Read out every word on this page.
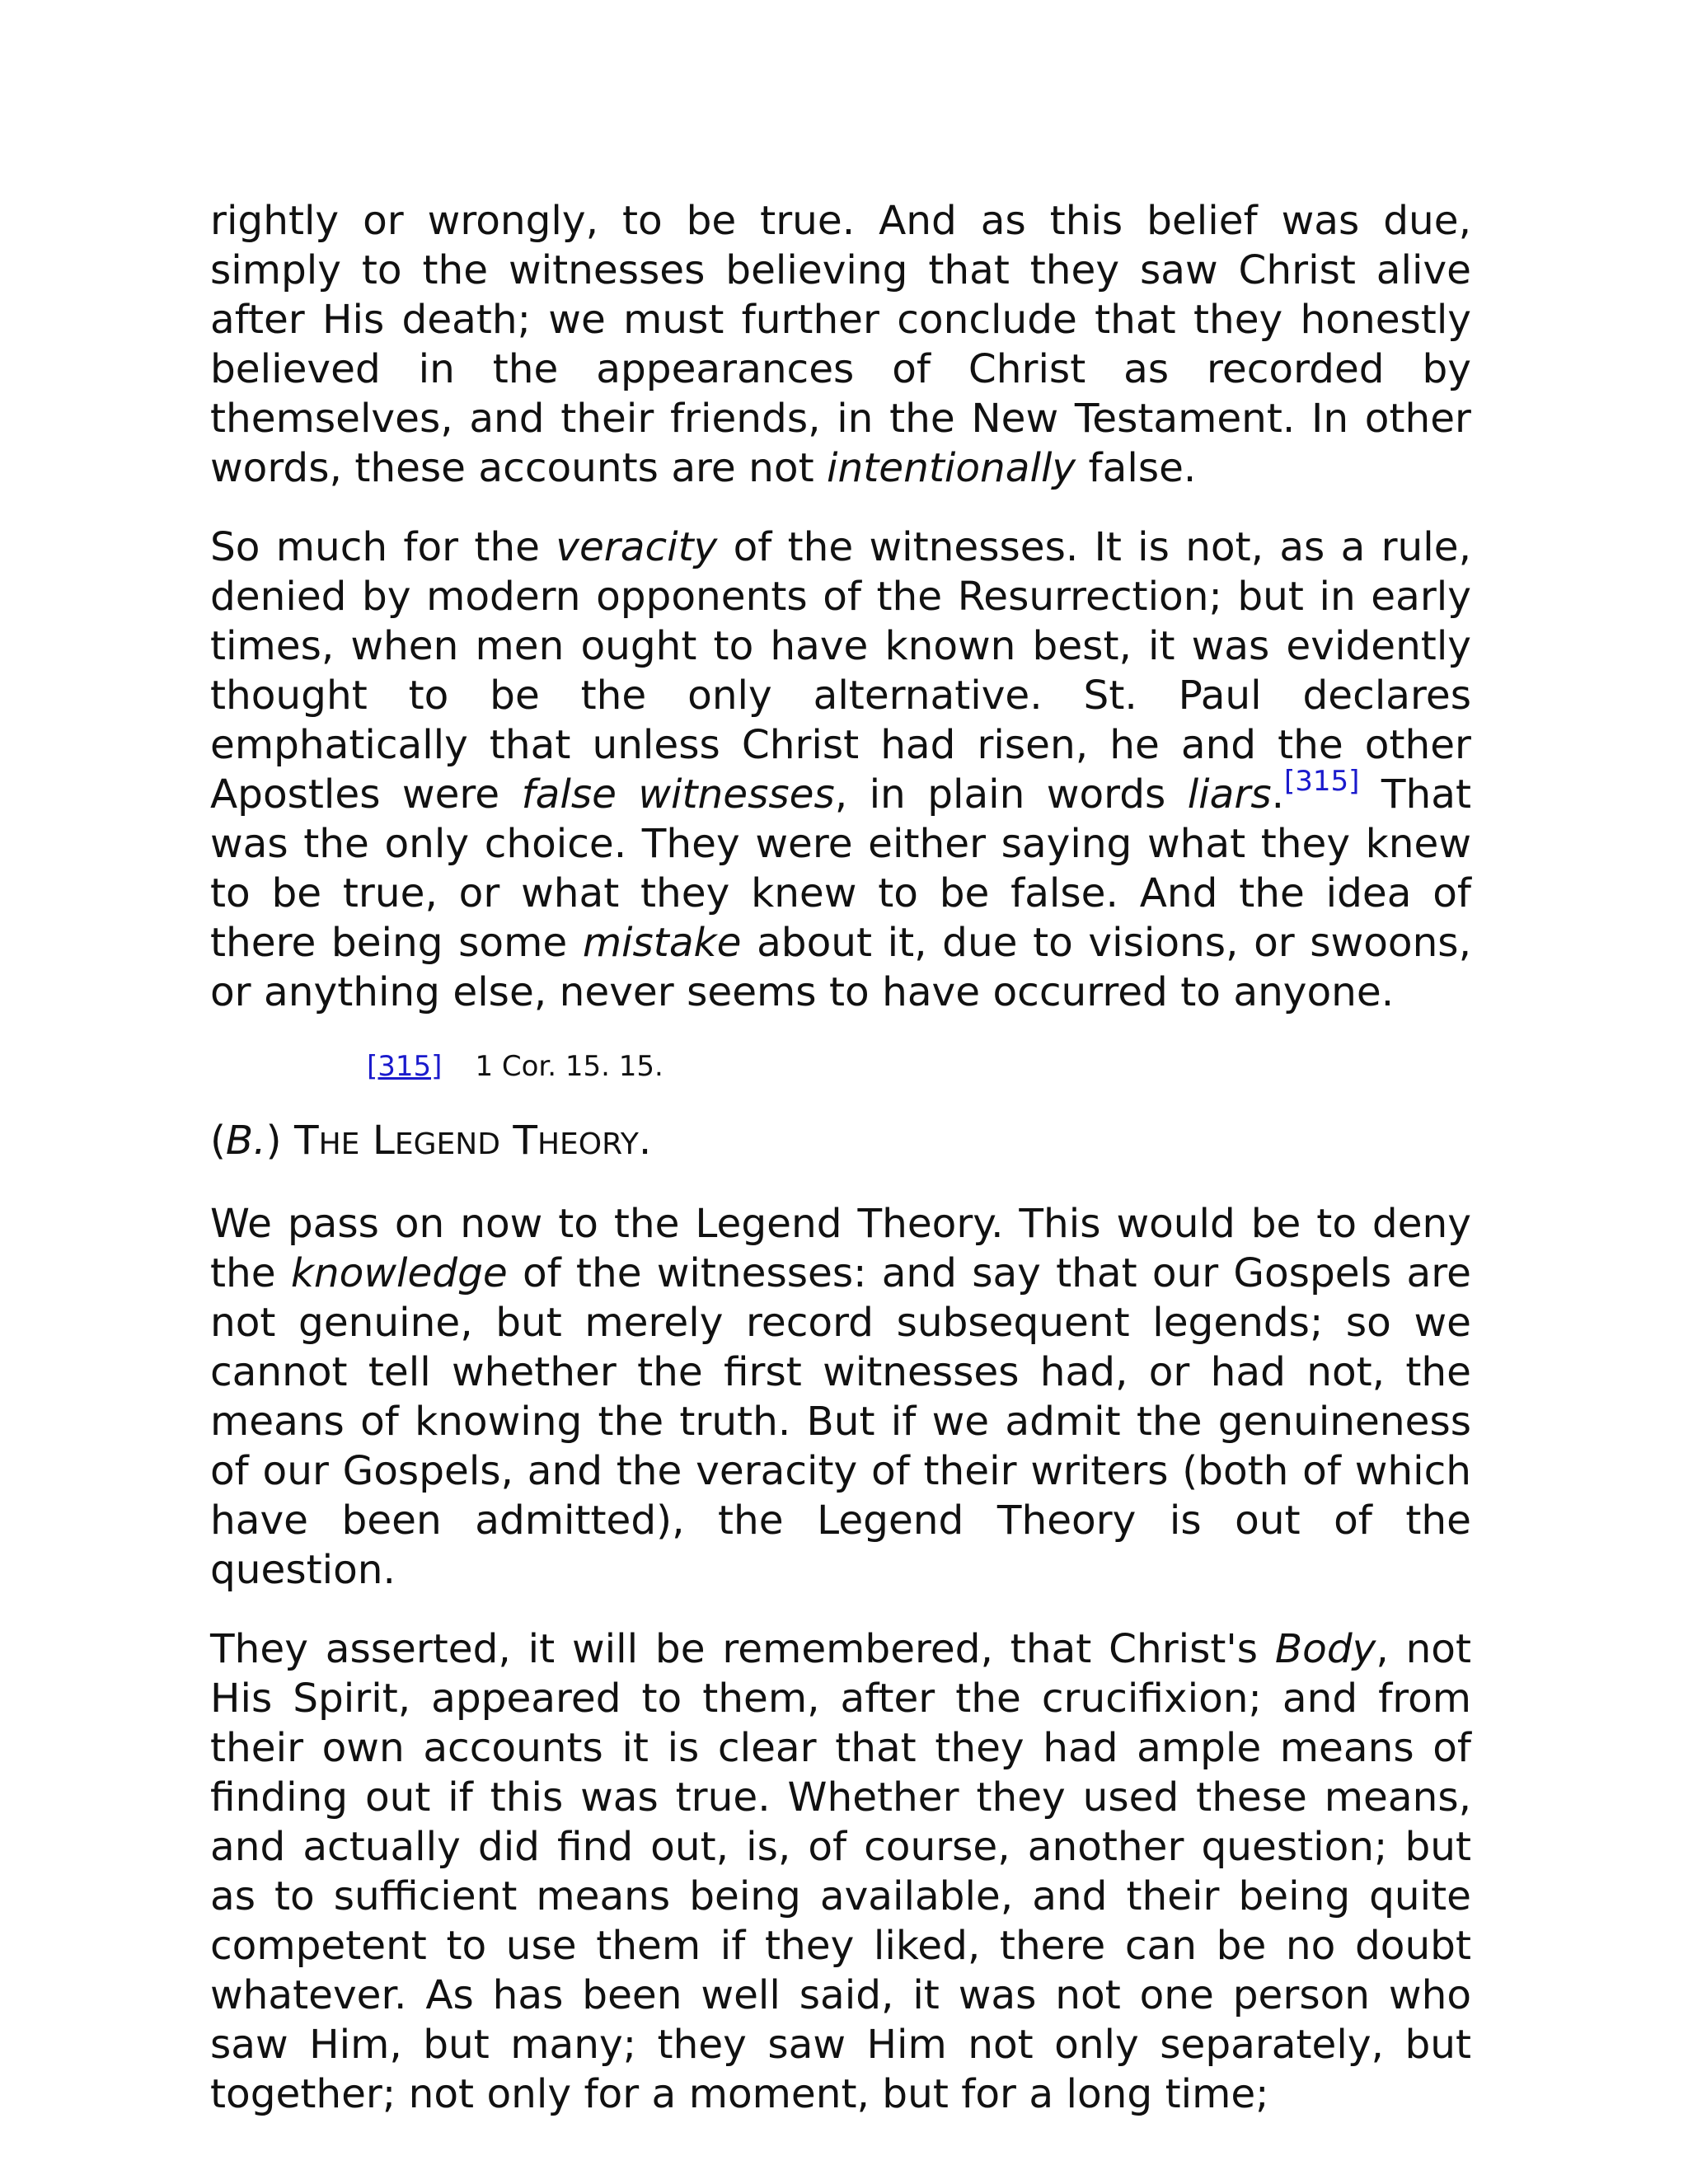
rightly or wrongly, to be true. And as this belief was due, simply to the witnesses believing that they saw Christ alive after His death; we must further conclude that they honestly believed in the appearances of Christ as recorded by themselves, and their friends, in the New Testament. In other words, these accounts are not intentionally false.

So much for the veracity of the witnesses. It is not, as a rule, denied by modern opponents of the Resurrection; but in early times, when men ought to have known best, it was evidently thought to be the only alternative. St. Paul declares emphatically that unless Christ had risen, he and the other Apostles were false witnesses, in plain words liars.[315] That was the only choice. They were either saying what they knew to be true, or what they knew to be false. And the idea of there being some mistake about it, due to visions, or swoons, or anything else, never seems to have occurred to anyone.

[315] 1 Cor. 15. 15.

(B.) THE LEGEND THEORY.

We pass on now to the Legend Theory. This would be to deny the knowledge of the witnesses: and say that our Gospels are not genuine, but merely record subsequent legends; so we cannot tell whether the first witnesses had, or had not, the means of knowing the truth. But if we admit the genuineness of our Gospels, and the veracity of their writers (both of which have been admitted), the Legend Theory is out of the question.

They asserted, it will be remembered, that Christ's Body, not His Spirit, appeared to them, after the crucifixion; and from their own accounts it is clear that they had ample means of finding out if this was true. Whether they used these means, and actually did find out, is, of course, another question; but as to sufficient means being available, and their being quite competent to use them if they liked, there can be no doubt whatever. As has been well said, it was not one person who saw Him, but many; they saw Him not only separately, but together; not only for a moment, but for a long time;
